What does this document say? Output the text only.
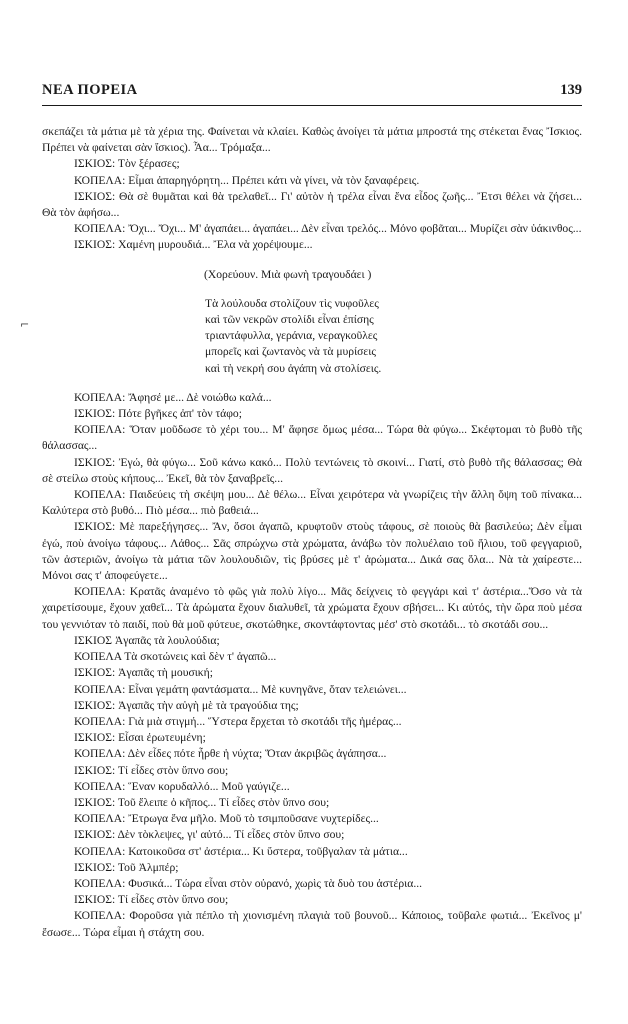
ΝΕΑ ΠΟΡΕΙΑ	139
⌐

σκεπάζει τὰ μάτια μὲ τὰ χέρια της. Φαίνεται νὰ κλαίει. Καθὼς ἀνοίγει τὰ μάτια μπροστά της στέκεται ἕνας Ἴσκιος. Πρέπει νὰ φαίνεται σὰν ἴσκιος). Ἆα... Τρόμαξα...

ΙΣΚΙΟΣ: Τὸν ξέρασες;

ΚΟΠΕΛΑ: Εἶμαι ἀπαρηγόρητη... Πρέπει κάτι νὰ γίνει, νὰ τὸν ξαναφέρεις.

ΙΣΚΙΟΣ: Θὰ σὲ θυμᾶται καὶ θὰ τρελαθεῖ... Γι' αὐτὸν ἡ τρέλα εἶναι ἕνα εἶδος ζωῆς... Ἔτσι θέλει νὰ ζήσει... Θὰ τὸν ἀφήσω...

ΚΟΠΕΛΑ: Ὄχι... Ὄχι... Μ' ἀγαπάει... ἀγαπάει... Δὲν εἶναι τρελός... Μόνο φοβᾶται... Μυρίζει σὰν ὑάκινθος...

ΙΣΚΙΟΣ: Χαμένη μυρουδιά... Ἔλα νὰ χορέψουμε...

(Χορεύουν. Μιὰ φωνὴ τραγουδάει )

Τὰ λούλουδα στολίζουν τὶς νυφοῦλες

καὶ τῶν νεκρῶν στολίδι εἶναι ἐπίσης

τριαντάφυλλα, γεράνια, νεραγκοῦλες

μπορεῖς καὶ ζωντανὸς νὰ τὰ μυρίσεις

καὶ τὴ νεκρή σου ἀγάπη νὰ στολίσεις.

ΚΟΠΕΛΑ: Ἄφησέ με... Δὲ νοιώθω καλά...

ΙΣΚΙΟΣ: Πότε βγῆκες ἀπ' τὸν τάφο;

ΚΟΠΕΛΑ: Ὅταν μοῦδωσε τὸ χέρι του... Μ' ἄφησε ὅμως μέσα... Τώρα θὰ φύγω... Σκέφτομαι τὸ βυθὸ τῆς θάλασσας...

ΙΣΚΙΟΣ: Ἐγώ, θὰ φύγω... Σοῦ κάνω κακό... Πολὺ τεντώνεις τὸ σκοινί... Γιατί, στὸ βυθὸ τῆς θάλασσας; Θὰ σὲ στείλω στοὺς κήπους... Ἐκεῖ, θὰ τὸν ξαναβρεῖς...

ΚΟΠΕΛΑ: Παιδεύεις τὴ σκέψη μου... Δὲ θέλω... Εἶναι χειρότερα νὰ γνωρίζεις τὴν ἄλλη ὄψη τοῦ πίνακα... Καλύτερα στὸ βυθό... Πιὸ μέσα... πιὸ βαθειά...

ΙΣΚΙΟΣ: Μὲ παρεξήγησες... Ἄν, ὅσοι ἀγαπῶ, κρυφτοῦν στοὺς τάφους, σὲ ποιοὺς θὰ βασιλεύω; Δὲν εἶμαι ἐγώ, ποὺ ἀνοίγω τάφους... Λάθος... Σᾶς σπρώχνω στὰ χρώματα, ἀνάβω τὸν πολυέλαιο τοῦ ἥλιου, τοῦ φεγγαριοῦ, τῶν ἀστεριῶν, ἀνοίγω τὰ μάτια τῶν λουλουδιῶν, τὶς βρύσες μὲ τ' ἀρώματα... Δικά σας ὅλα... Νὰ τὰ χαίρεστε... Μόνοι σας τ' ἀποφεύγετε...

ΚΟΠΕΛΑ: Κρατᾶς ἀναμένο τὸ φῶς γιὰ πολὺ λίγο... Μᾶς δείχνεις τὸ φεγγάρι καὶ τ' ἀστέρια...Ὅσο νὰ τὰ χαιρετίσουμε, ἔχουν χαθεῖ... Τὰ ἀρώματα ἔχουν διαλυθεῖ, τὰ χρώματα ἔχουν σβήσει... Κι αὐτός, τὴν ὥρα ποὺ μέσα του γεννιόταν τὸ παιδί, ποὺ θὰ μοῦ φύτευε, σκοτώθηκε, σκοντάφτοντας μέσ' στὸ σκοτάδι... τὸ σκοτάδι σου...

ΙΣΚΙΟΣ Ἀγαπᾶς τὰ λουλούδια;

ΚΟΠΕΛΑ Τὰ σκοτώνεις καὶ δὲν τ' ἀγαπῶ...

ΙΣΚΙΟΣ: Ἀγαπᾶς τὴ μουσική;

ΚΟΠΕΛΑ: Εἶναι γεμάτη φαντάσματα... Μὲ κυνηγᾶνε, ὅταν τελειώνει...

ΙΣΚΙΟΣ: Ἀγαπᾶς τὴν αὐγὴ μὲ τὰ τραγούδια της;

ΚΟΠΕΛΑ: Γιὰ μιὰ στιγμή... Ὕστερα ἔρχεται τὸ σκοτάδι τῆς ἡμέρας...

ΙΣΚΙΟΣ: Εἶσαι ἐρωτευμένη;

ΚΟΠΕΛΑ: Δὲν εἶδες πότε ἦρθε ἡ νύχτα; Ὅταν ἀκριβῶς ἀγάπησα...

ΙΣΚΙΟΣ: Τί εἶδες στὸν ὕπνο σου;

ΚΟΠΕΛΑ: Ἕναν κορυδαλλό... Μοῦ γαύγιζε...

ΙΣΚΙΟΣ: Τοῦ ἔλειπε ὁ κῆπος... Τί εἶδες στὸν ὕπνο σου;

ΚΟΠΕΛΑ: Ἔτρωγα ἕνα μῆλο. Μοῦ τὸ τσιμποῦσανε νυχτερίδες...

ΙΣΚΙΟΣ: Δὲν τὸκλεψες, γι' αὐτό... Τί εἶδες στὸν ὕπνο σου;

ΚΟΠΕΛΑ: Κατοικοῦσα στ' ἀστέρια... Κι ὕστερα, τοῦβγαλαν τὰ μάτια...

ΙΣΚΙΟΣ: Τοῦ Ἀλμπέρ;

ΚΟΠΕΛΑ: Φυσικά... Τώρα εἶναι στὸν οὐρανό, χωρὶς τὰ δυὸ του ἀστέρια...

ΙΣΚΙΟΣ: Τί εἶδες στὸν ὕπνο σου;

ΚΟΠΕΛΑ: Φοροῦσα γιὰ πέπλο τὴ χιονισμένη πλαγιὰ τοῦ βουνοῦ... Κάποιος, τοῦβαλε φωτιά... Ἐκεῖνος μ' ἔσωσε... Τώρα εἶμαι ἡ στάχτη σου.
